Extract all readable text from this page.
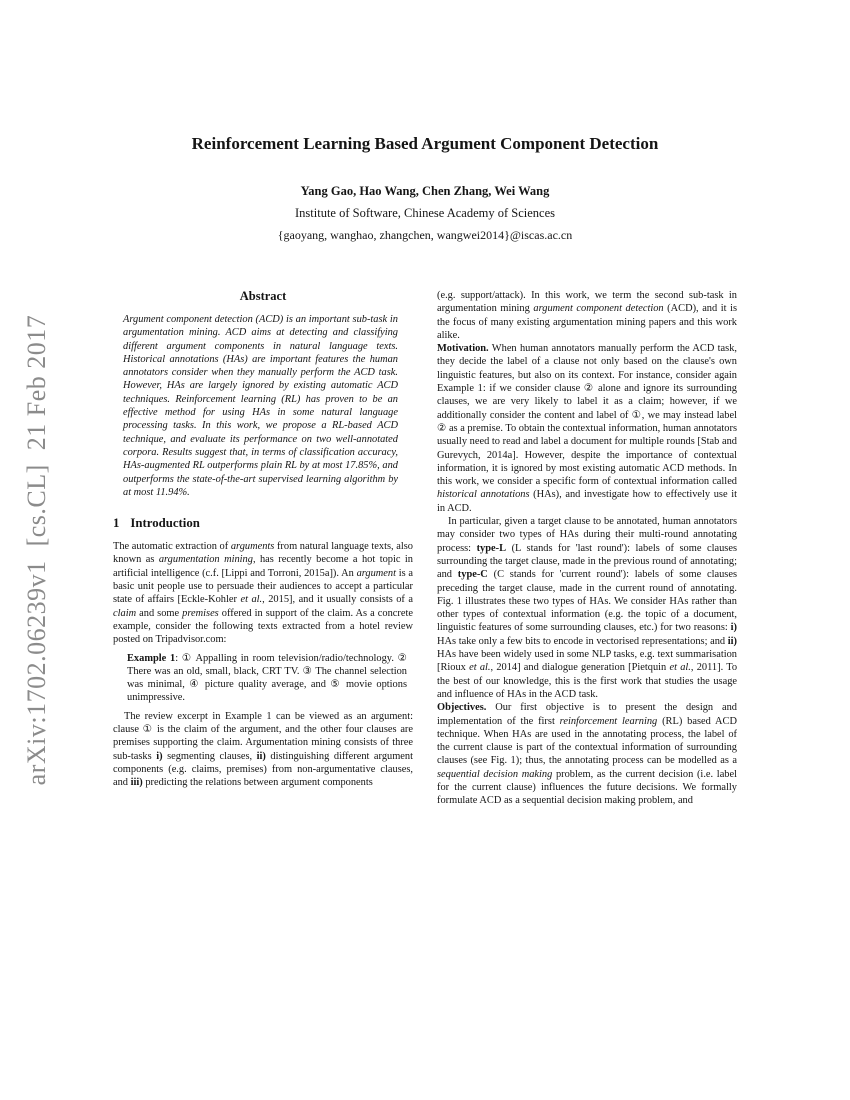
arXiv:1702.06239v1  [cs.CL]  21 Feb 2017
Reinforcement Learning Based Argument Component Detection
Yang Gao, Hao Wang, Chen Zhang, Wei Wang
Institute of Software, Chinese Academy of Sciences
{gaoyang, wanghao, zhangchen, wangwei2014}@iscas.ac.cn
Abstract

Argument component detection (ACD) is an important sub-task in argumentation mining. ACD aims at detecting and classifying different argument components in natural language texts. Historical annotations (HAs) are important features the human annotators consider when they manually perform the ACD task. However, HAs are largely ignored by existing automatic ACD techniques. Reinforcement learning (RL) has proven to be an effective method for using HAs in some natural language processing tasks. In this work, we propose a RL-based ACD technique, and evaluate its performance on two well-annotated corpora. Results suggest that, in terms of classification accuracy, HAs-augmented RL outperforms plain RL by at most 17.85%, and outperforms the state-of-the-art supervised learning algorithm by at most 11.94%.

1 Introduction

The automatic extraction of arguments from natural language texts, also known as argumentation mining, has recently become a hot topic in artificial intelligence (c.f. [Lippi and Torroni, 2015a]). An argument is a basic unit people use to persuade their audiences to accept a particular state of affairs [Eckle-Kohler et al., 2015], and it usually consists of a claim and some premises offered in support of the claim. As a concrete example, consider the following texts extracted from a hotel review posted on Tripadvisor.com:

Example 1: ① Appalling in room television/radio/technology. ② There was an old, small, black, CRT TV. ③ The channel selection was minimal, ④ picture quality average, and ⑤ movie options unimpressive.

The review excerpt in Example 1 can be viewed as an argument: clause ① is the claim of the argument, and the other four clauses are premises supporting the claim. Argumentation mining consists of three sub-tasks i) segmenting clauses, ii) distinguishing different argument components (e.g. claims, premises) from non-argumentative clauses, and iii) predicting the relations between argument components

(e.g. support/attack). In this work, we term the second sub-task in argumentation mining argument component detection (ACD), and it is the focus of many existing argumentation mining papers and this work alike.

Motivation. When human annotators manually perform the ACD task, they decide the label of a clause not only based on the clause's own linguistic features, but also on its context. For instance, consider again Example 1: if we consider clause ② alone and ignore its surrounding clauses, we are very likely to label it as a claim; however, if we additionally consider the content and label of ①, we may instead label ② as a premise. To obtain the contextual information, human annotators usually need to read and label a document for multiple rounds [Stab and Gurevych, 2014a]. However, despite the importance of contextual information, it is ignored by most existing automatic ACD methods. In this work, we consider a specific form of contextual information called historical annotations (HAs), and investigate how to effectively use it in ACD.

In particular, given a target clause to be annotated, human annotators may consider two types of HAs during their multi-round annotating process: type-L (L stands for 'last round'): labels of some clauses surrounding the target clause, made in the previous round of annotating; and type-C (C stands for 'current round'): labels of some clauses preceding the target clause, made in the current round of annotating. Fig. 1 illustrates these two types of HAs. We consider HAs rather than other types of contextual information (e.g. the topic of a document, linguistic features of some surrounding clauses, etc.) for two reasons: i) HAs take only a few bits to encode in vectorised representations; and ii) HAs have been widely used in some NLP tasks, e.g. text summarisation [Rioux et al., 2014] and dialogue generation [Pietquin et al., 2011]. To the best of our knowledge, this is the first work that studies the usage and influence of HAs in the ACD task.

Objectives. Our first objective is to present the design and implementation of the first reinforcement learning (RL) based ACD technique. When HAs are used in the annotating process, the label of the current clause is part of the contextual information of surrounding clauses (see Fig. 1); thus, the annotating process can be modelled as a sequential decision making problem, as the current decision (i.e. label for the current clause) influences the future decisions. We formally formulate ACD as a sequential decision making problem, and
